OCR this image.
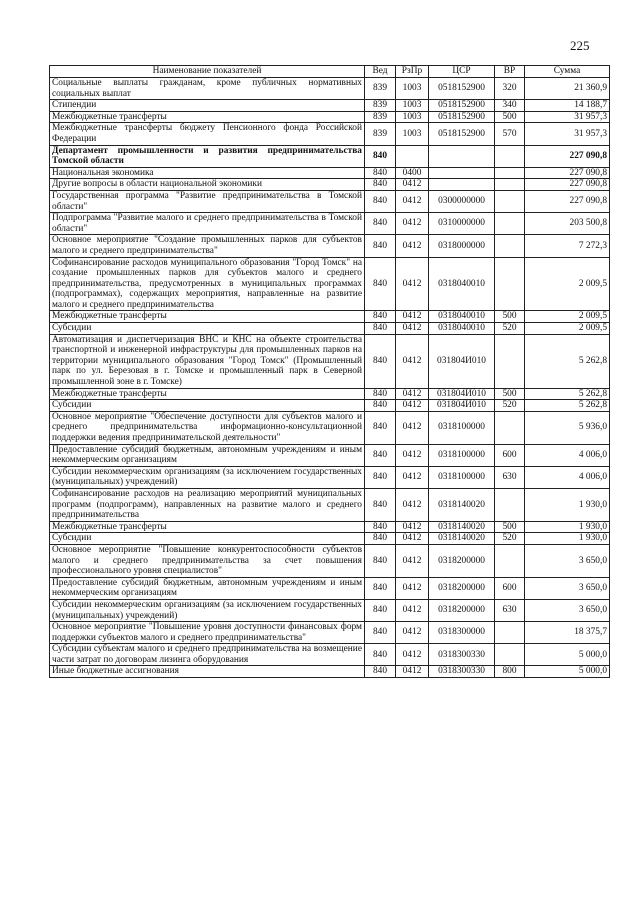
225
Наименование показателей	Вед	РзПр	ЦСР	ВР	Сумма
Социальные выплаты гражданам, кроме публичных нормативных социальных выплат	839	1003	0518152900	320	21 360,9
Стипендии	839	1003	0518152900	340	14 188,7
Межбюджетные трансферты	839	1003	0518152900	500	31 957,3
Межбюджетные трансферты бюджету Пенсионного фонда Российской Федерации	839	1003	0518152900	570	31 957,3
Департамент промышленности и развития предпринимательства Томской области	840				227 090,8
Национальная экономика	840	0400			227 090,8
Другие вопросы в области национальной экономики	840	0412			227 090,8
Государственная программа "Развитие предпринимательства в Томской области"	840	0412	0300000000		227 090,8
Подпрограмма "Развитие малого и среднего предпринимательства в Томской области"	840	0412	0310000000		203 500,8
Основное мероприятие "Создание промышленных парков для субъектов малого и среднего предпринимательства"	840	0412	0318000000		7 272,3
Софинансирование расходов муниципального образования "Город Томск" на создание промышленных парков для субъектов малого и среднего предпринимательства, предусмотренных в муниципальных программах (подпрограммах), содержащих мероприятия, направленные на развитие малого и среднего предпринимательства	840	0412	0318040010		2 009,5
Межбюджетные трансферты	840	0412	0318040010	500	2 009,5
Субсидии	840	0412	0318040010	520	2 009,5
Автоматизация и диспетчеризация ВНС и КНС на объекте строительства транспортной и инженерной инфраструктуры для промышленных парков на территории муниципального образования "Город Томск" (Промышленный парк по ул. Березовая в г. Томске и промышленный парк в Северной промышленной зоне в г. Томске)	840	0412	031804И010		5 262,8
Межбюджетные трансферты	840	0412	031804И010	500	5 262,8
Субсидии	840	0412	031804И010	520	5 262,8
Основное мероприятие "Обеспечение доступности для субъектов малого и среднего предпринимательства информационно-консультационной поддержки ведения предпринимательской деятельности"	840	0412	0318100000		5 936,0
Предоставление субсидий бюджетным, автономным учреждениям и иным некоммерческим организациям	840	0412	0318100000	600	4 006,0
Субсидии некоммерческим организациям (за исключением государственных (муниципальных) учреждений)	840	0412	0318100000	630	4 006,0
Софинансирование расходов на реализацию мероприятий муниципальных программ (подпрограмм), направленных на развитие малого и среднего предпринимательства	840	0412	0318140020		1 930,0
Межбюджетные трансферты	840	0412	0318140020	500	1 930,0
Субсидии	840	0412	0318140020	520	1 930,0
Основное мероприятие "Повышение конкурентоспособности субъектов малого и среднего предпринимательства за счет повышения профессионального уровня специалистов"	840	0412	0318200000		3 650,0
Предоставление субсидий бюджетным, автономным учреждениям и иным некоммерческим организациям	840	0412	0318200000	600	3 650,0
Субсидии некоммерческим организациям (за исключением государственных (муниципальных) учреждений)	840	0412	0318200000	630	3 650,0
Основное мероприятие "Повышение уровня доступности финансовых форм поддержки субъектов малого и среднего предпринимательства"	840	0412	0318300000		18 375,7
Субсидии субъектам малого и среднего предпринимательства на возмещение части затрат по договорам лизинга оборудования	840	0412	0318300330		5 000,0
Иные бюджетные ассигнования	840	0412	0318300330	800	5 000,0
